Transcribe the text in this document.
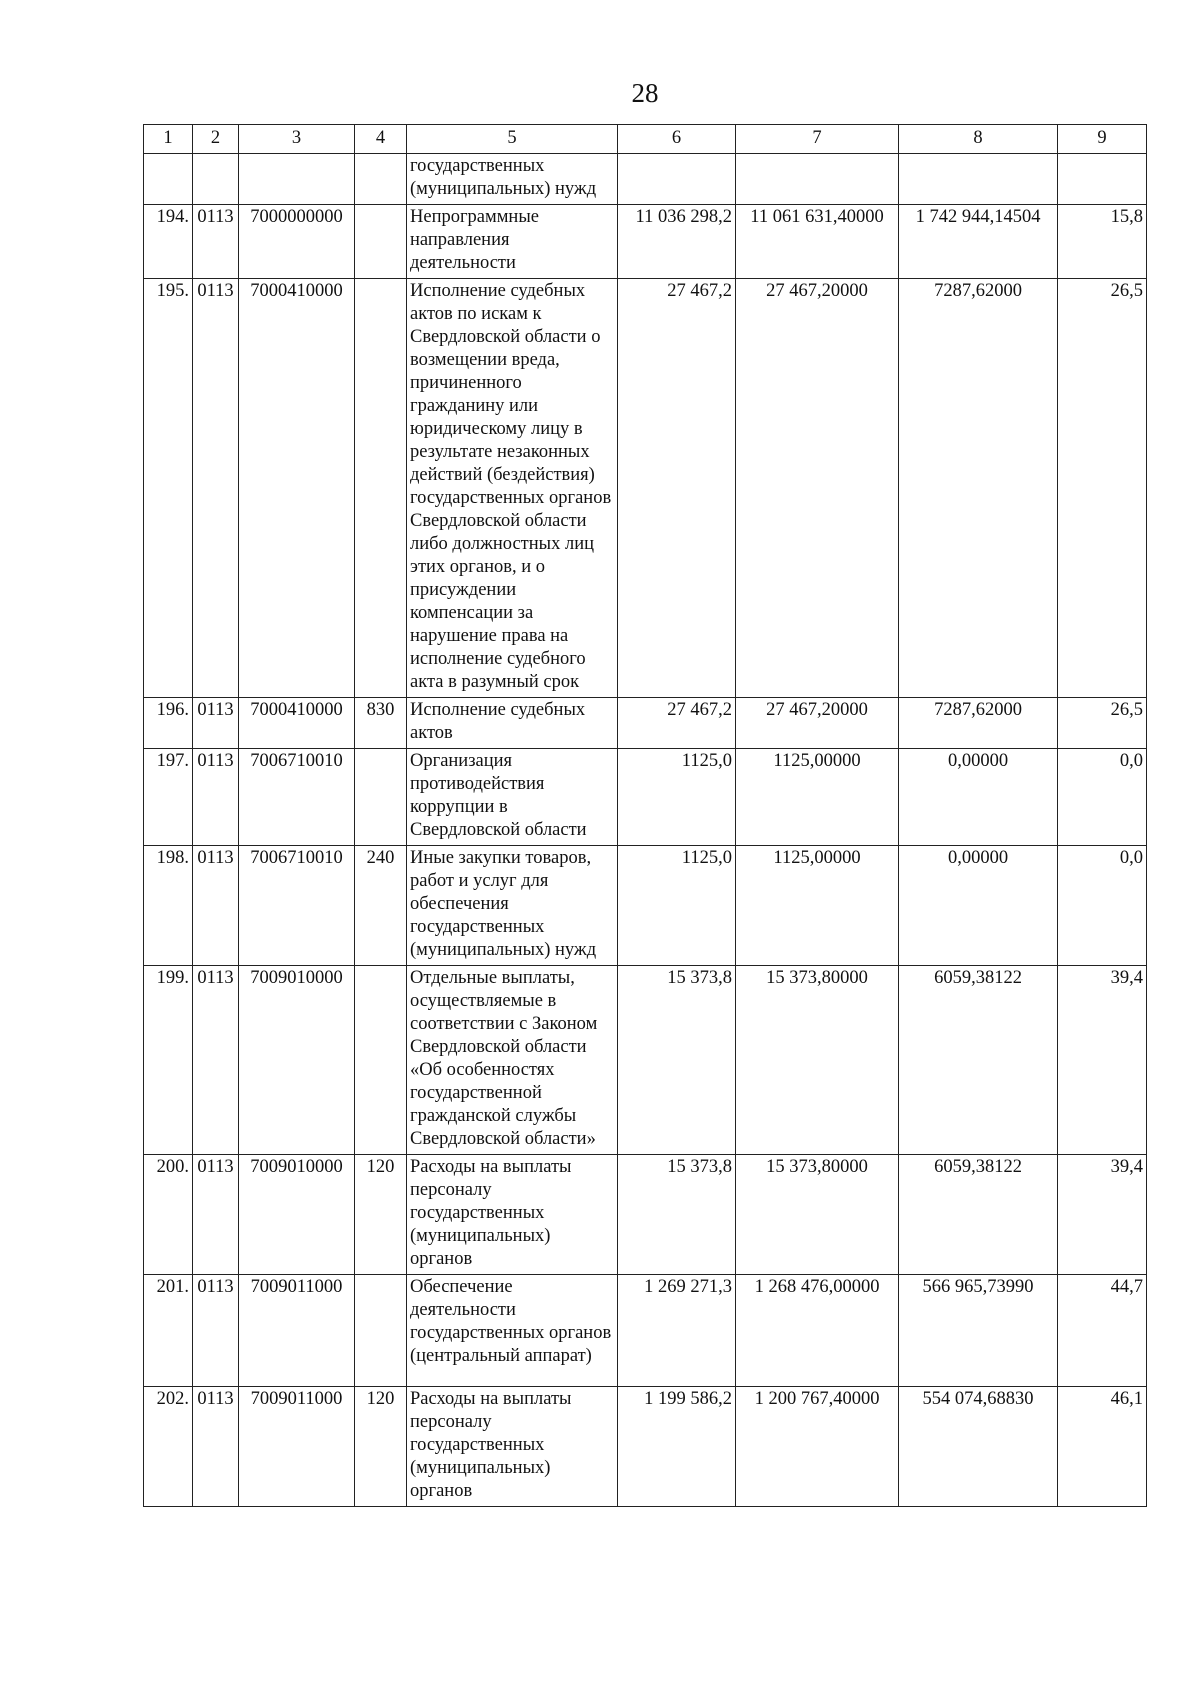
28
1	2	3	4	5	6	7	8	9
				государственных (муниципальных) нужд				
194.	0113	7000000000		Непрограммные направления деятельности	11 036 298,2	11 061 631,40000	1 742 944,14504	15,8
195.	0113	7000410000		Исполнение судебных актов по искам к Свердловской области о возмещении вреда, причиненного гражданину или юридическому лицу в результате незаконных действий (бездействия) государственных органов Свердловской области либо должностных лиц этих органов, и о присуждении компенсации за нарушение права на исполнение судебного акта в разумный срок	27 467,2	27 467,20000	7287,62000	26,5
196.	0113	7000410000	830	Исполнение судебных актов	27 467,2	27 467,20000	7287,62000	26,5
197.	0113	7006710010		Организация противодействия коррупции в Свердловской области	1125,0	1125,00000	0,00000	0,0
198.	0113	7006710010	240	Иные закупки товаров, работ и услуг для обеспечения государственных (муниципальных) нужд	1125,0	1125,00000	0,00000	0,0
199.	0113	7009010000		Отдельные выплаты, осуществляемые в соответствии с Законом Свердловской области «Об особенностях государственной гражданской службы Свердловской области»	15 373,8	15 373,80000	6059,38122	39,4
200.	0113	7009010000	120	Расходы на выплаты персоналу государственных (муниципальных) органов	15 373,8	15 373,80000	6059,38122	39,4
201.	0113	7009011000		Обеспечение деятельности государственных органов (центральный аппарат)	1 269 271,3	1 268 476,00000	566 965,73990	44,7
202.	0113	7009011000	120	Расходы на выплаты персоналу государственных (муниципальных) органов	1 199 586,2	1 200 767,40000	554 074,68830	46,1
